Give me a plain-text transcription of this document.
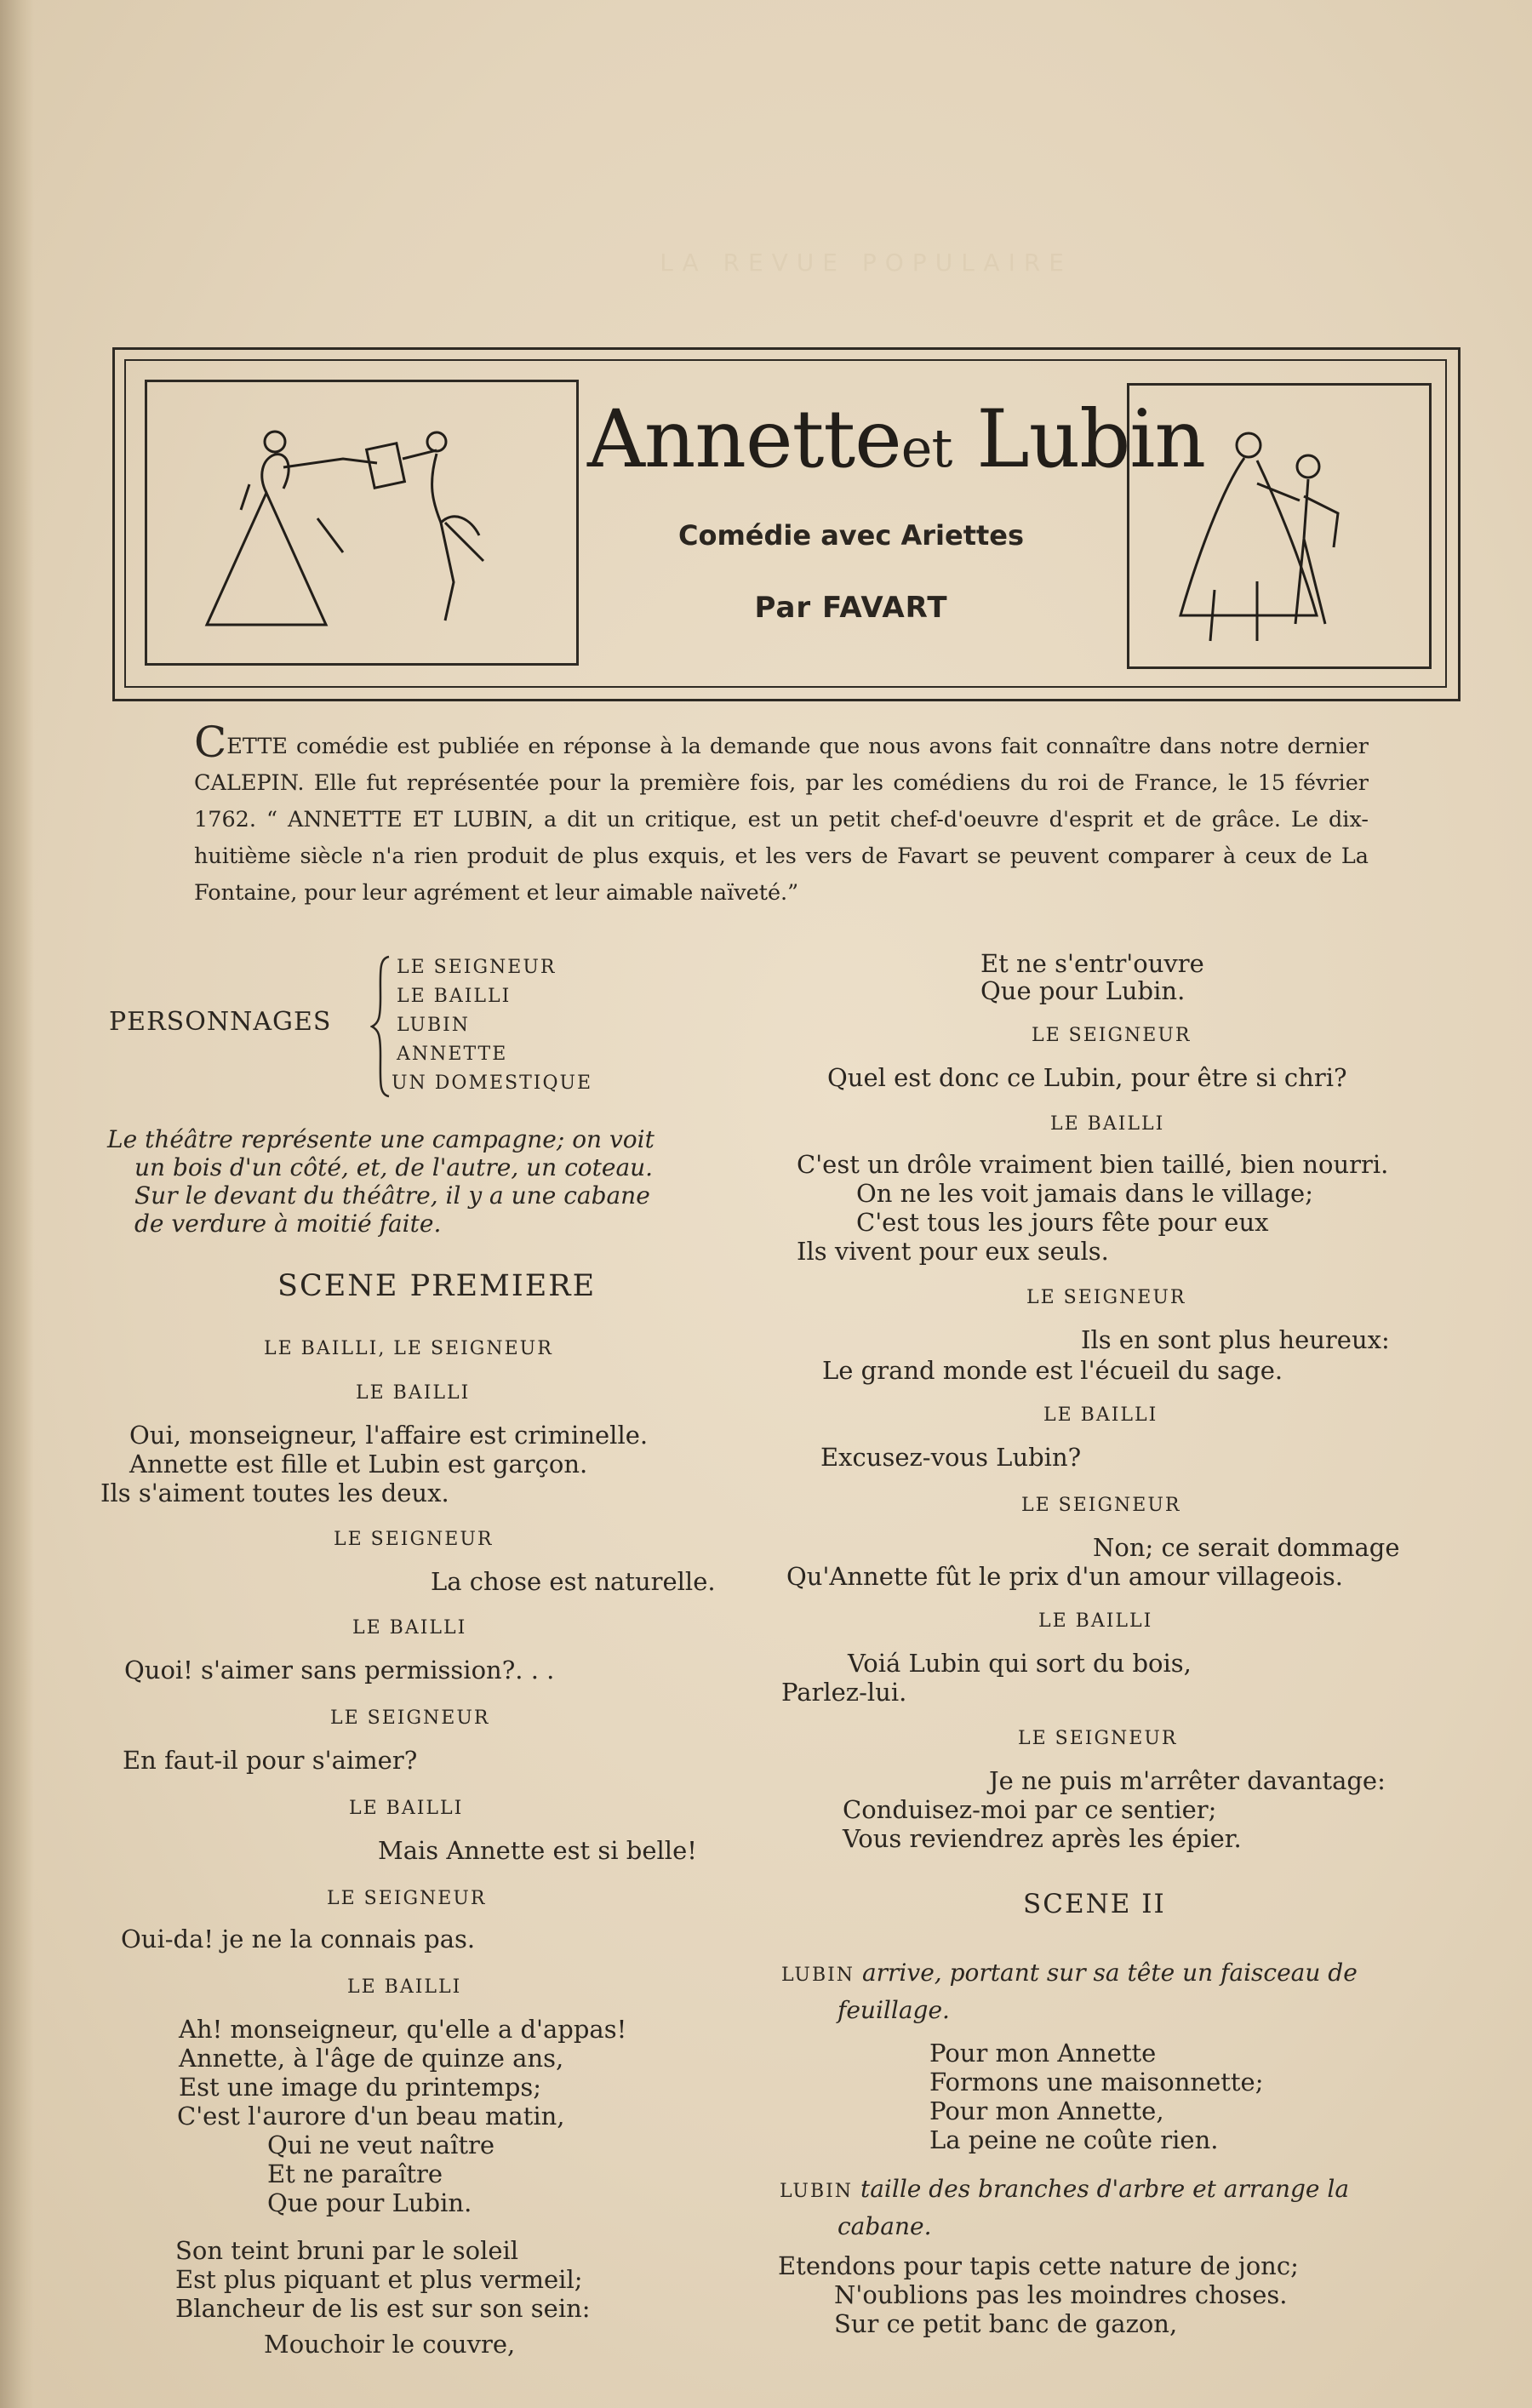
LA REVUE POPULAIRE
Annetteet Lubin
Comédie avec Ariettes
Par FAVART
CETTE comédie est publiée en réponse à la demande que nous avons fait connaître dans notre dernier CALEPIN. Elle fut représentée pour la première fois, par les comédiens du roi de France, le 15 février 1762. “ ANNETTE ET LUBIN, a dit un critique, est un petit chef-d'oeuvre d'esprit et de grâce. Le dix-huitième siècle n'a rien produit de plus exquis, et les vers de Favart se peuvent comparer à ceux de La Fontaine, pour leur agrément et leur aimable naïveté.”
PERSONNAGES
LE SEIGNEUR
LE BAILLI
LUBIN
ANNETTE
UN DOMESTIQUE
Le théâtre représente une campagne; on voit
un bois d'un côté, et, de l'autre, un coteau.
Sur le devant du théâtre, il y a une cabane
de verdure à moitié faite.
SCENE PREMIERE
LE BAILLI, LE SEIGNEUR
LE BAILLI
Oui, monseigneur, l'affaire est criminelle.
Annette est fille et Lubin est garçon.
Ils s'aiment toutes les deux.
LE SEIGNEUR
La chose est naturelle.
LE BAILLI
Quoi! s'aimer sans permission?. . .
LE SEIGNEUR
En faut-il pour s'aimer?
LE BAILLI
Mais Annette est si belle!
LE SEIGNEUR
Oui-da! je ne la connais pas.
LE BAILLI
Ah! monseigneur, qu'elle a d'appas!
Annette, à l'âge de quinze ans,
Est une image du printemps;
C'est l'aurore d'un beau matin,
Qui ne veut naître
Et ne paraître
Que pour Lubin.
Son teint bruni par le soleil
Est plus piquant et plus vermeil;
Blancheur de lis est sur son sein:
Mouchoir le couvre,
Et ne s'entr'ouvre
Que pour Lubin.
LE SEIGNEUR
Quel est donc ce Lubin, pour être si chri?
LE BAILLI
C'est un drôle vraiment bien taillé, bien nourri.
On ne les voit jamais dans le village;
C'est tous les jours fête pour eux
Ils vivent pour eux seuls.
LE SEIGNEUR
Ils en sont plus heureux:
Le grand monde est l'écueil du sage.
LE BAILLI
Excusez-vous Lubin?
LE SEIGNEUR
Non; ce serait dommage
Qu'Annette fût le prix d'un amour villageois.
LE BAILLI
Voiá Lubin qui sort du bois,
Parlez-lui.
LE SEIGNEUR
Je ne puis m'arrêter davantage:
Conduisez-moi par ce sentier;
Vous reviendrez après les épier.
SCENE II
LUBIN arrive, portant sur sa tête un faisceau de
feuillage.
Pour mon Annette
Formons une maisonnette;
Pour mon Annette,
La peine ne coûte rien.
LUBIN taille des branches d'arbre et arrange la
cabane.
Etendons pour tapis cette nature de jonc;
N'oublions pas les moindres choses.
Sur ce petit banc de gazon,
